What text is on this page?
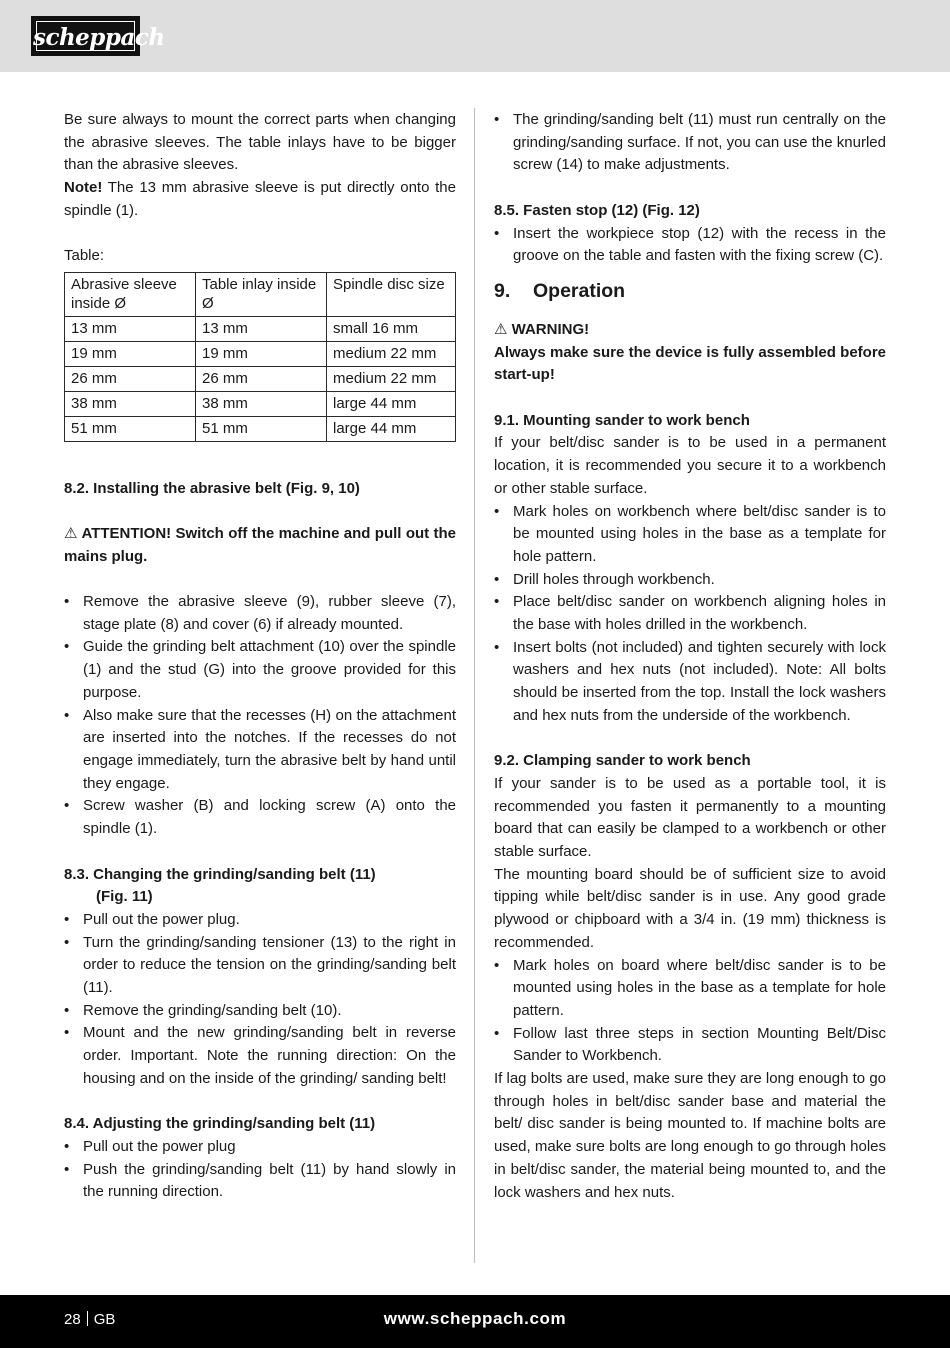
scheppach

Be sure always to mount the correct parts when changing the abrasive sleeves. The table inlays have to be bigger than the abrasive sleeves.

Note! The 13 mm abrasive sleeve is put directly onto the spindle (1).

Table:

Abrasive sleeve inside Ø	Table inlay inside Ø	Spindle disc size
13 mm	13 mm	small 16 mm
19 mm	19 mm	medium 22 mm
26 mm	26 mm	medium 22 mm
38 mm	38 mm	large 44 mm
51 mm	51 mm	large 44 mm

8.2. Installing the abrasive belt (Fig. 9, 10)

⚠ ATTENTION! Switch off the machine and pull out the mains plug.

• Remove the abrasive sleeve (9), rubber sleeve (7), stage plate (8) and cover (6) if already mounted.
• Guide the grinding belt attachment (10) over the spindle (1) and the stud (G) into the groove provided for this purpose.
• Also make sure that the recesses (H) on the attachment are inserted into the notches. If the recesses do not engage immediately, turn the abrasive belt by hand until they engage.
• Screw washer (B) and locking screw (A) onto the spindle (1).

8.3. Changing the grinding/sanding belt (11)

(Fig. 11)

• Pull out the power plug.
• Turn the grinding/sanding tensioner (13) to the right in order to reduce the tension on the grinding/sanding belt (11).
• Remove the grinding/sanding belt (10).
• Mount and the new grinding/sanding belt in reverse order. Important. Note the running direction: On the housing and on the inside of the grinding/ sanding belt!

8.4. Adjusting the grinding/sanding belt (11)

• Pull out the power plug
• Push the grinding/sanding belt (11) by hand slowly in the running direction.
• The grinding/sanding belt (11) must run centrally on the grinding/sanding surface. If not, you can use the knurled screw (14) to make adjustments.

8.5. Fasten stop (12) (Fig. 12)

• Insert the workpiece stop (12) with the recess in the groove on the table and fasten with the fixing screw (C).

9. Operation

⚠ WARNING!

Always make sure the device is fully assembled before start-up!

9.1. Mounting sander to work bench

If your belt/disc sander is to be used in a permanent location, it is recommended you secure it to a workbench or other stable surface.

• Mark holes on workbench where belt/disc sander is to be mounted using holes in the base as a template for hole pattern.
• Drill holes through workbench.
• Place belt/disc sander on workbench aligning holes in the base with holes drilled in the workbench.
• Insert bolts (not included) and tighten securely with lock washers and hex nuts (not included). Note: All bolts should be inserted from the top. Install the lock washers and hex nuts from the underside of the workbench.

9.2. Clamping sander to work bench

If your sander is to be used as a portable tool, it is recommended you fasten it permanently to a mounting board that can easily be clamped to a workbench or other stable surface.

The mounting board should be of sufficient size to avoid tipping while belt/disc sander is in use. Any good grade plywood or chipboard with a 3/4 in. (19 mm) thickness is recommended.

• Mark holes on board where belt/disc sander is to be mounted using holes in the base as a template for hole pattern.
• Follow last three steps in section Mounting Belt/Disc Sander to Workbench.

If lag bolts are used, make sure they are long enough to go through holes in belt/disc sander base and material the belt/ disc sander is being mounted to. If machine bolts are used, make sure bolts are long enough to go through holes in belt/disc sander, the material being mounted to, and the lock washers and hex nuts.

28 GB	www.scheppach.com
